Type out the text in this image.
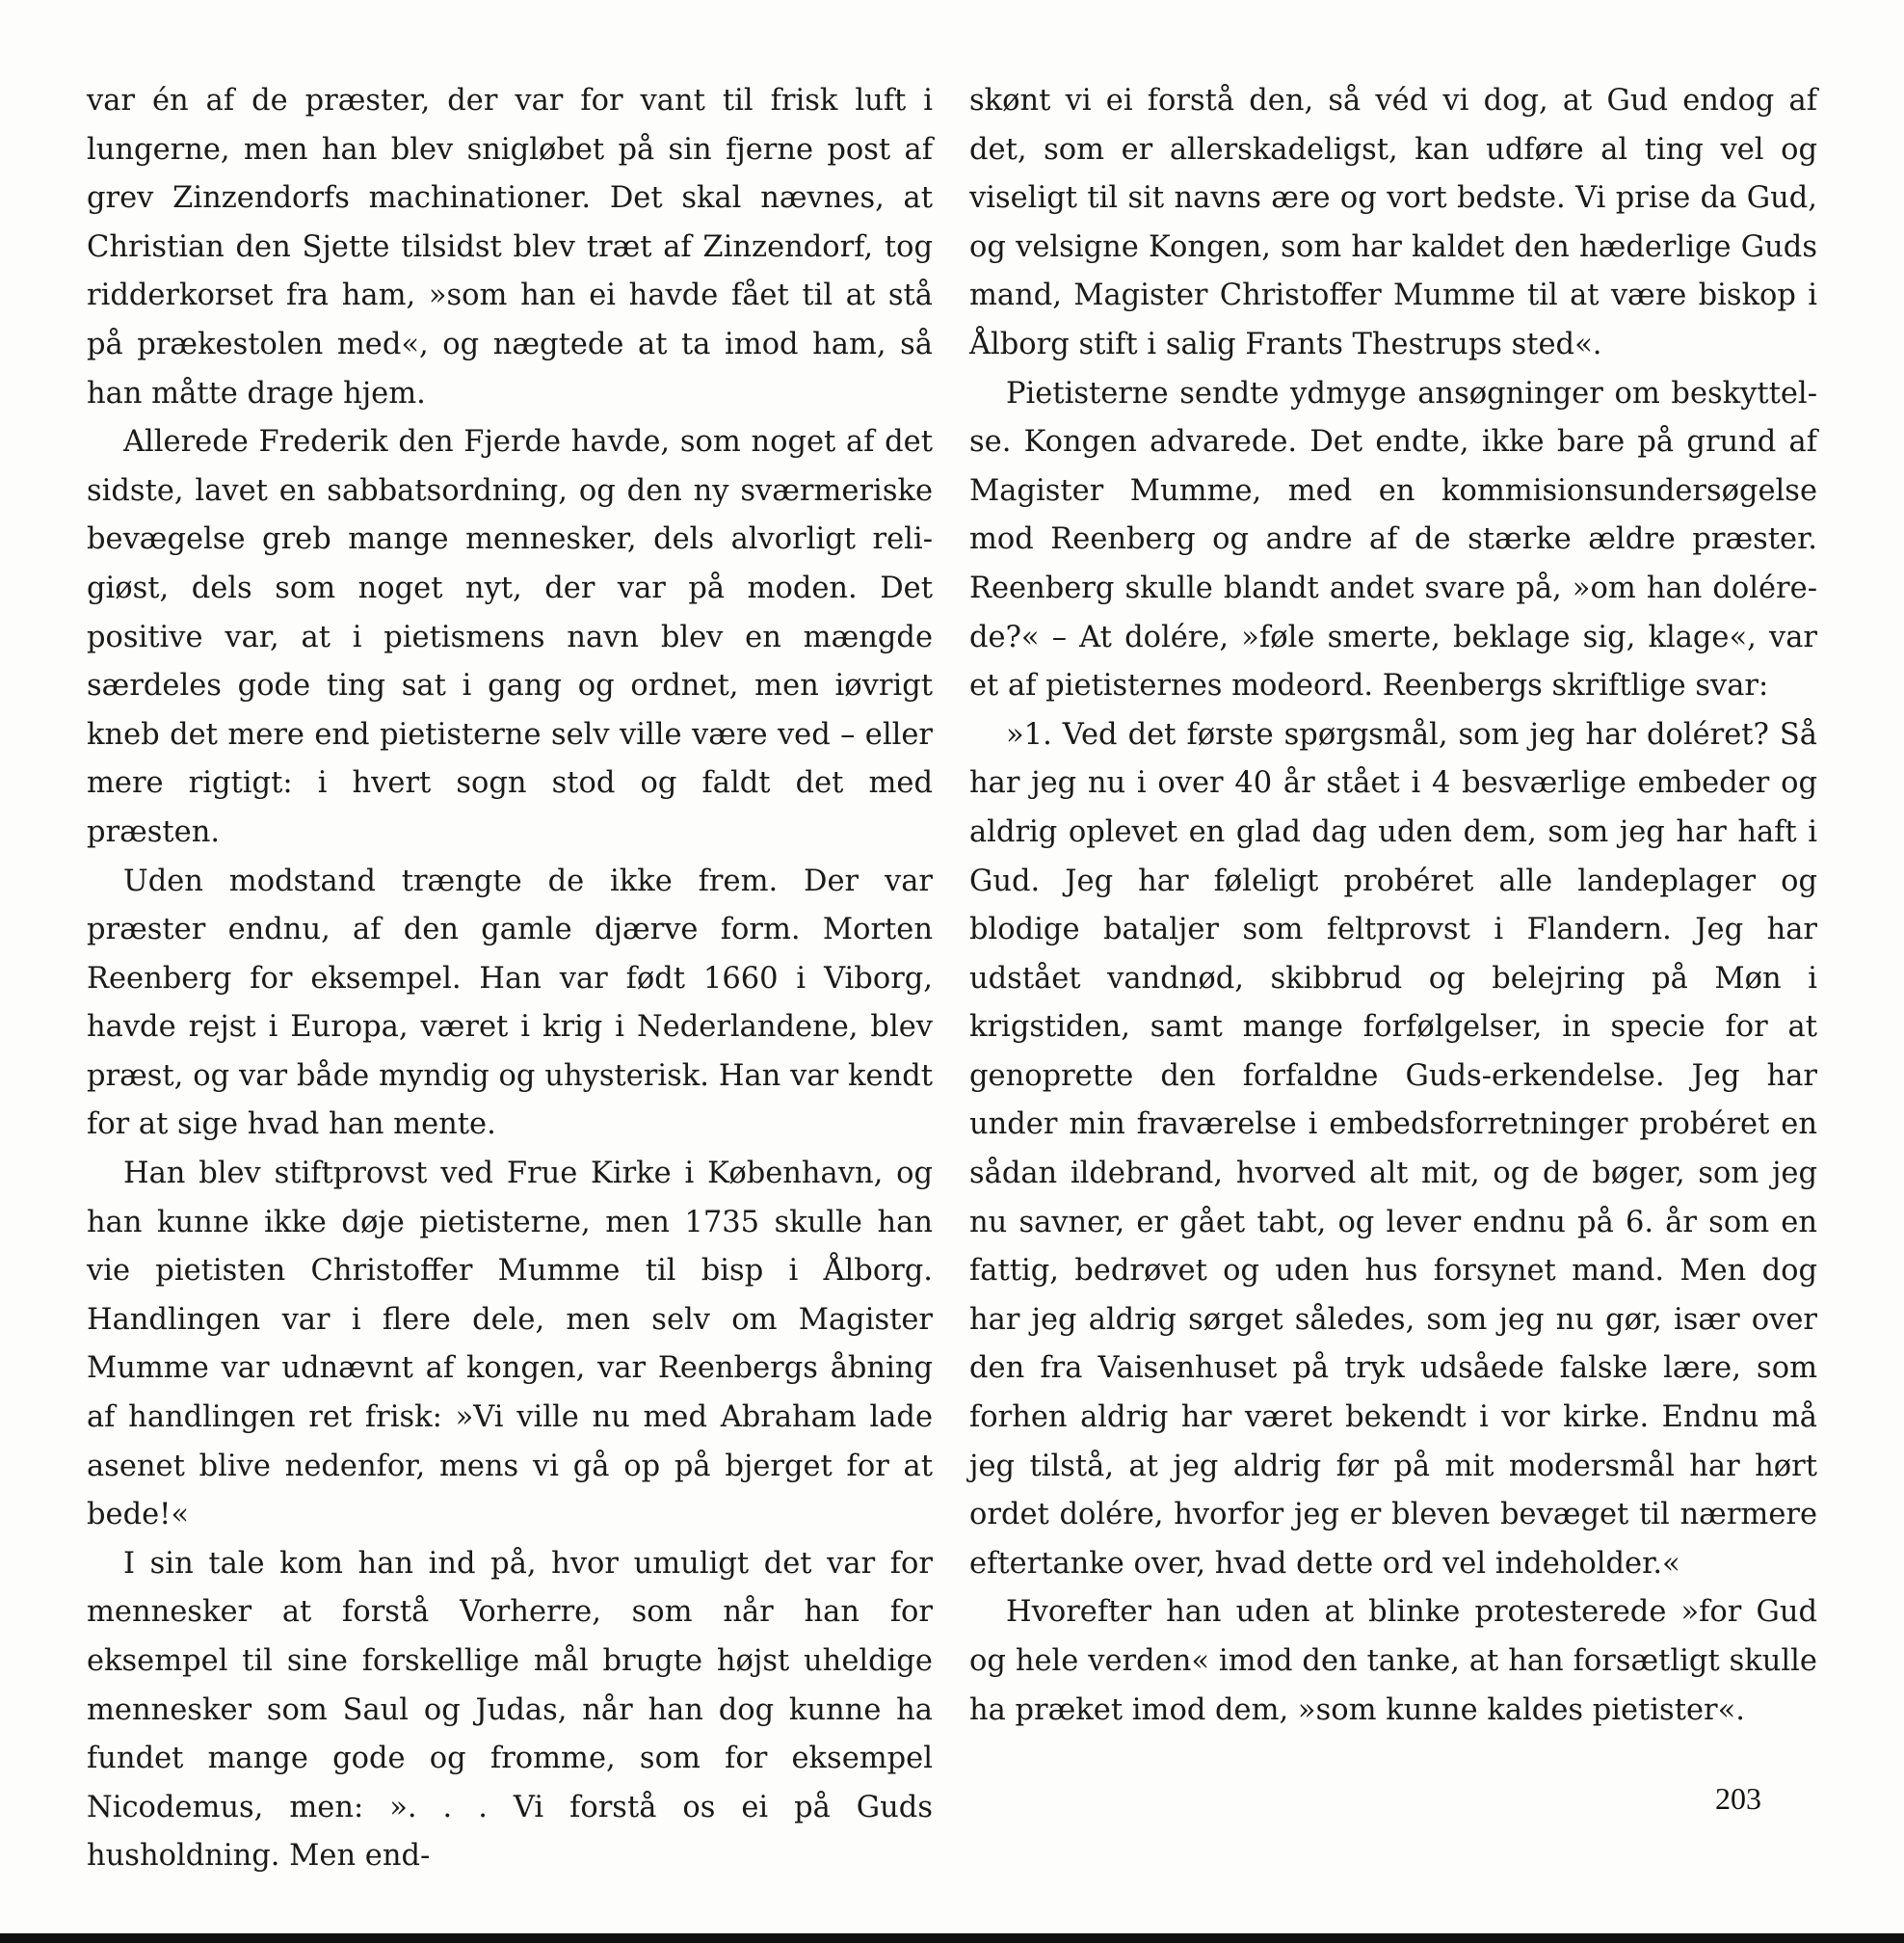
var én af de præster, der var for vant til frisk luft i lungerne, men han blev snigløbet på sin fjerne post af grev Zinzendorfs machinationer. Det skal nævnes, at Christian den Sjette tilsidst blev træt af Zinzendorf, tog ridderkorset fra ham, »som han ei havde fået til at stå på prækestolen med«, og nægtede at ta imod ham, så han måtte drage hjem.

Allerede Frederik den Fjerde havde, som noget af det sidste, lavet en sabbatsordning, og den ny sværmeriske bevægelse greb mange mennesker, dels alvorligt religiøst, dels som noget nyt, der var på moden. Det positive var, at i pietismens navn blev en mængde særdeles gode ting sat i gang og ordnet, men iøvrigt kneb det mere end pietisterne selv ville være ved – eller mere rigtigt: i hvert sogn stod og faldt det med præsten.

Uden modstand trængte de ikke frem. Der var præster endnu, af den gamle djærve form. Morten Reenberg for eksempel. Han var født 1660 i Viborg, havde rejst i Europa, været i krig i Nederlandene, blev præst, og var både myndig og uhysterisk. Han var kendt for at sige hvad han mente.

Han blev stiftprovst ved Frue Kirke i København, og han kunne ikke døje pietisterne, men 1735 skulle han vie pietisten Christoffer Mumme til bisp i Ålborg. Handlingen var i flere dele, men selv om Magister Mumme var udnævnt af kongen, var Reenbergs åbning af handlingen ret frisk: »Vi ville nu med Abraham lade asenet blive nedenfor, mens vi gå op på bjerget for at bede!«

I sin tale kom han ind på, hvor umuligt det var for mennesker at forstå Vorherre, som når han for eksempel til sine forskellige mål brugte højst uheldige mennesker som Saul og Judas, når han dog kunne ha fundet mange gode og fromme, som for eksempel Nicodemus, men: ». . . Vi forstå os ei på Guds husholdning. Men end-

skønt vi ei forstå den, så véd vi dog, at Gud endog af det, som er allerskadeligst, kan udføre al ting vel og viseligt til sit navns ære og vort bedste. Vi prise da Gud, og velsigne Kongen, som har kaldet den hæderlige Guds mand, Magister Christoffer Mumme til at være biskop i Ålborg stift i salig Frants Thestrups sted«.

Pietisterne sendte ydmyge ansøgninger om beskyttelse. Kongen advarede. Det endte, ikke bare på grund af Magister Mumme, med en kommisionsundersøgelse mod Reenberg og andre af de stærke ældre præster. Reenberg skulle blandt andet svare på, »om han dolérede?« – At dolére, »føle smerte, beklage sig, klage«, var et af pietisternes modeord. Reenbergs skriftlige svar:

»1. Ved det første spørgsmål, som jeg har doléret? Så har jeg nu i over 40 år stået i 4 besværlige embeder og aldrig oplevet en glad dag uden dem, som jeg har haft i Gud. Jeg har føleligt probéret alle landeplager og blodige bataljer som feltprovst i Flandern. Jeg har udstået vandnød, skibbrud og belejring på Møn i krigstiden, samt mange forfølgelser, in specie for at genoprette den forfaldne Guds-erkendelse. Jeg har under min fraværelse i embedsforretninger probéret en sådan ildebrand, hvorved alt mit, og de bøger, som jeg nu savner, er gået tabt, og lever endnu på 6. år som en fattig, bedrøvet og uden hus forsynet mand. Men dog har jeg aldrig sørget således, som jeg nu gør, især over den fra Vaisenhuset på tryk udsåede falske lære, som forhen aldrig har været bekendt i vor kirke. Endnu må jeg tilstå, at jeg aldrig før på mit modersmål har hørt ordet dolére, hvorfor jeg er bleven bevæget til nærmere eftertanke over, hvad dette ord vel indeholder.«

Hvorefter han uden at blinke protesterede »for Gud og hele verden« imod den tanke, at han forsætligt skulle ha præket imod dem, »som kunne kaldes pietister«.

203
